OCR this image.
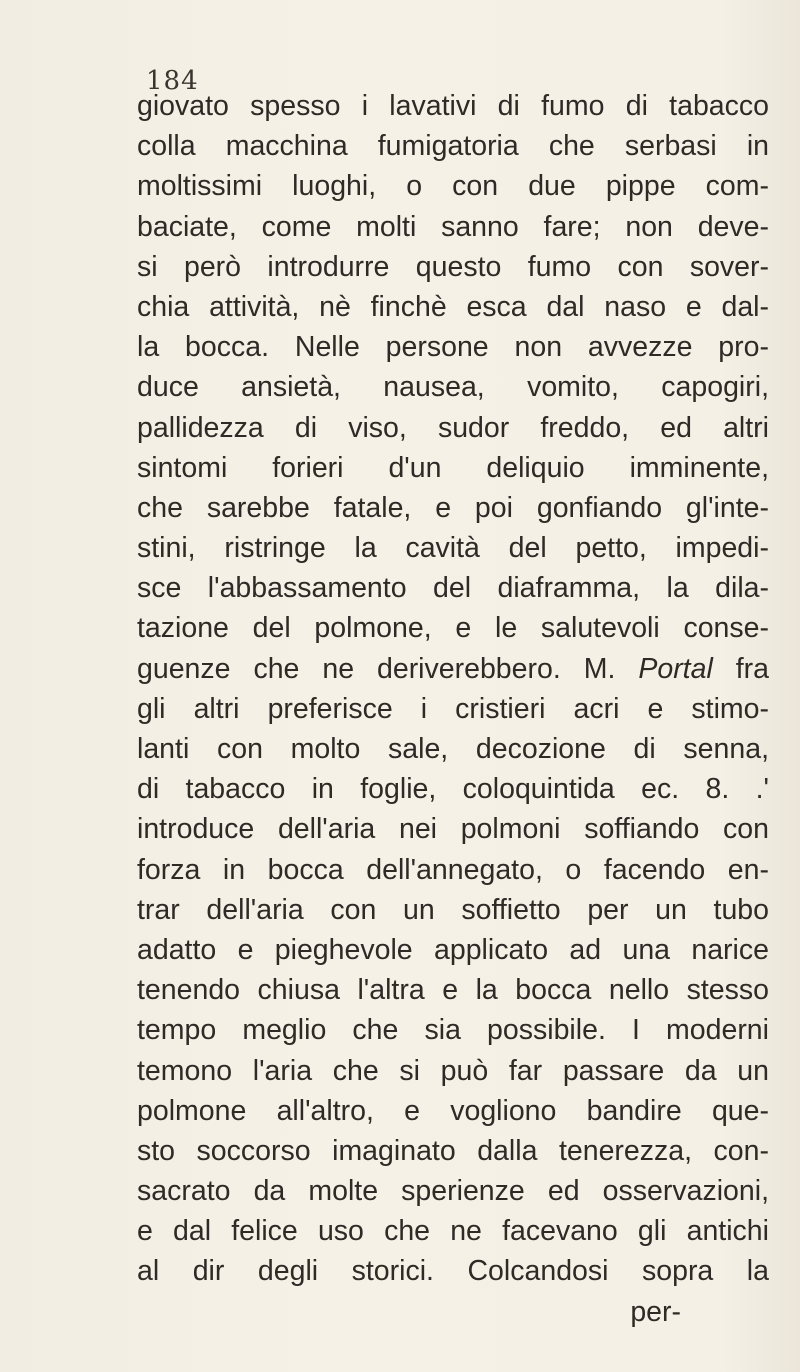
184
giovato spesso i lavativi di fumo di tabacco
colla macchina fumigatoria che serbasi in
moltissimi luoghi, o con due pippe com-
baciate, come molti sanno fare; non deve-
si però introdurre questo fumo con sover-
chia attività, nè finchè esca dal naso e dal-
la bocca. Nelle persone non avvezze pro-
duce ansietà, nausea, vomito, capogiri,
pallidezza di viso, sudor freddo, ed altri
sintomi forieri d'un deliquio imminente,
che sarebbe fatale, e poi gonfiando gl'inte-
stini, ristringe la cavità del petto, impedi-
sce l'abbassamento del diaframma, la dila-
tazione del polmone, e le salutevoli conse-
guenze che ne deriverebbero. M. Portal fra
gli altri preferisce i cristieri acri e stimo-
lanti con molto sale, decozione di senna,
di tabacco in foglie, coloquintida ec. 8. .'
introduce dell'aria nei polmoni soffiando con
forza in bocca dell'annegato, o facendo en-
trar dell'aria con un soffietto per un tubo
adatto e pieghevole applicato ad una narice
tenendo chiusa l'altra e la bocca nello stesso
tempo meglio che sia possibile. I moderni
temono l'aria che si può far passare da un
polmone all'altro, e vogliono bandire que-
sto soccorso imaginato dalla tenerezza, con-
sacrato da molte sperienze ed osservazioni,
e dal felice uso che ne facevano gli antichi
al dir degli storici. Colcandosi sopra la
per-
